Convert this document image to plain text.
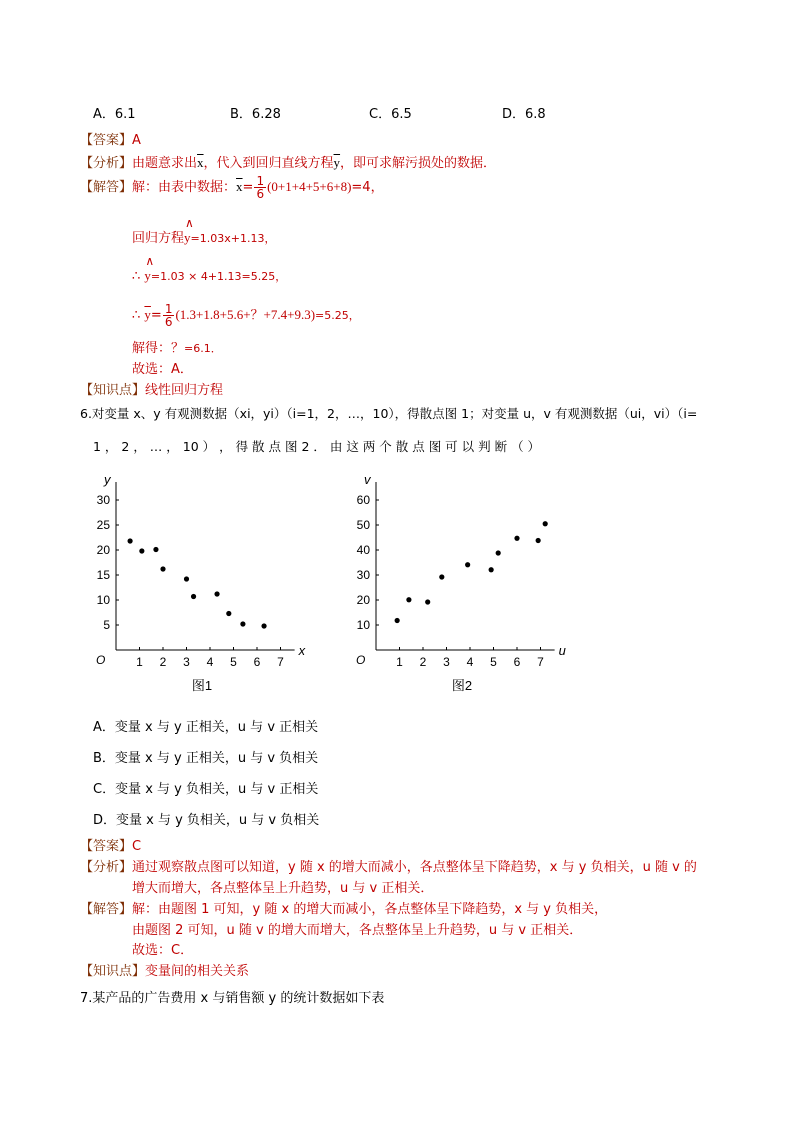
A．6.1	B．6.28	C．6.5	D．6.8
【答案】A
【分析】由题意求出$\overline{x}$，代入到回归直线方程$\overline{y}$，即可求解污损处的数据．
【解答】解：由表中数据：$\overline{x}= \frac{1}{6} (0+1+4+5+6+8)=4$，
回归方程
∧
y=1.03x+1.13，
∴
∧
y=1.03 × 4+1.13=5.25，
∴ $\overline{y}= \frac{1}{6} (1.3+1.8+5.6+$？+7.4+9.3)=5.25，
解得：？=6.1．
故选：A．
【知识点】线性回归方程
6.对变量 x、y 有观测数据（xi，yi）（i=1，2，…，10），得散点图 1；对变量 u，v 有观测数据（ui，vi）（i=
1 ， 2 ， … ， 10 ） ， 得 散 点 图 2 ． 由 这 两 个 散 点 图 可 以 判 断 （ ）
x
y
O	1 2 3 4 5 6 7
5
10
15
20
25
30
图1
u
v
O	1 2 3 4 5 6 7
10
20
30
40
50
60
图2
A．变量 x 与 y 正相关，u 与 v 正相关
B．变量 x 与 y 正相关，u 与 v 负相关
C．变量 x 与 y 负相关，u 与 v 正相关
D．变量 x 与 y 负相关，u 与 v 负相关
【答案】C
【分析】通过观察散点图可以知道，y 随 x 的增大而减小，各点整体呈下降趋势，x 与 y 负相关，u 随 v 的
增大而增大，各点整体呈上升趋势，u 与 v 正相关．
【解答】解：由题图 1 可知，y 随 x 的增大而减小，各点整体呈下降趋势，x 与 y 负相关，
由题图 2 可知，u 随 v 的增大而增大，各点整体呈上升趋势，u 与 v 正相关．
故选：C．
【知识点】变量间的相关关系
7.某产品的广告费用 x 与销售额 y 的统计数据如下表
